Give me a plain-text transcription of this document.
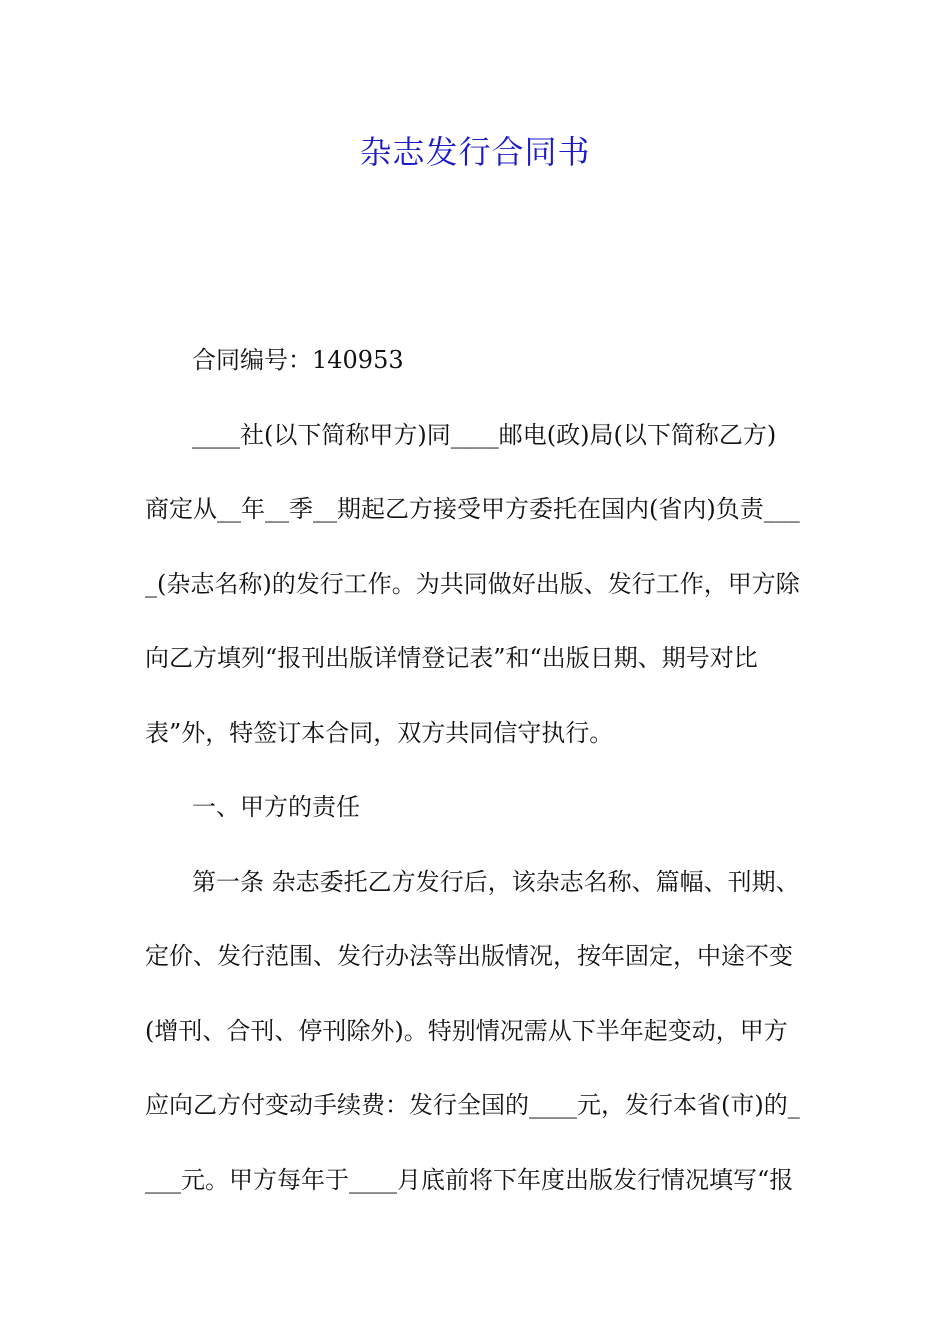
杂志发行合同书
合同编号：140953
____社(以下简称甲方)同____邮电(政)局(以下简称乙方)
商定从__年__季__期起乙方接受甲方委托在国内(省内)负责___
_(杂志名称)的发行工作。为共同做好出版、发行工作，甲方除
向乙方填列“报刊出版详情登记表”和“出版日期、期号对比
表”外，特签订本合同，双方共同信守执行。
一、甲方的责任
第一条 杂志委托乙方发行后，该杂志名称、篇幅、刊期、
定价、发行范围、发行办法等出版情况，按年固定，中途不变
(增刊、合刊、停刊除外)。特别情况需从下半年起变动，甲方
应向乙方付变动手续费：发行全国的____元，发行本省(市)的_
___元。甲方每年于____月底前将下年度出版发行情况填写“报
